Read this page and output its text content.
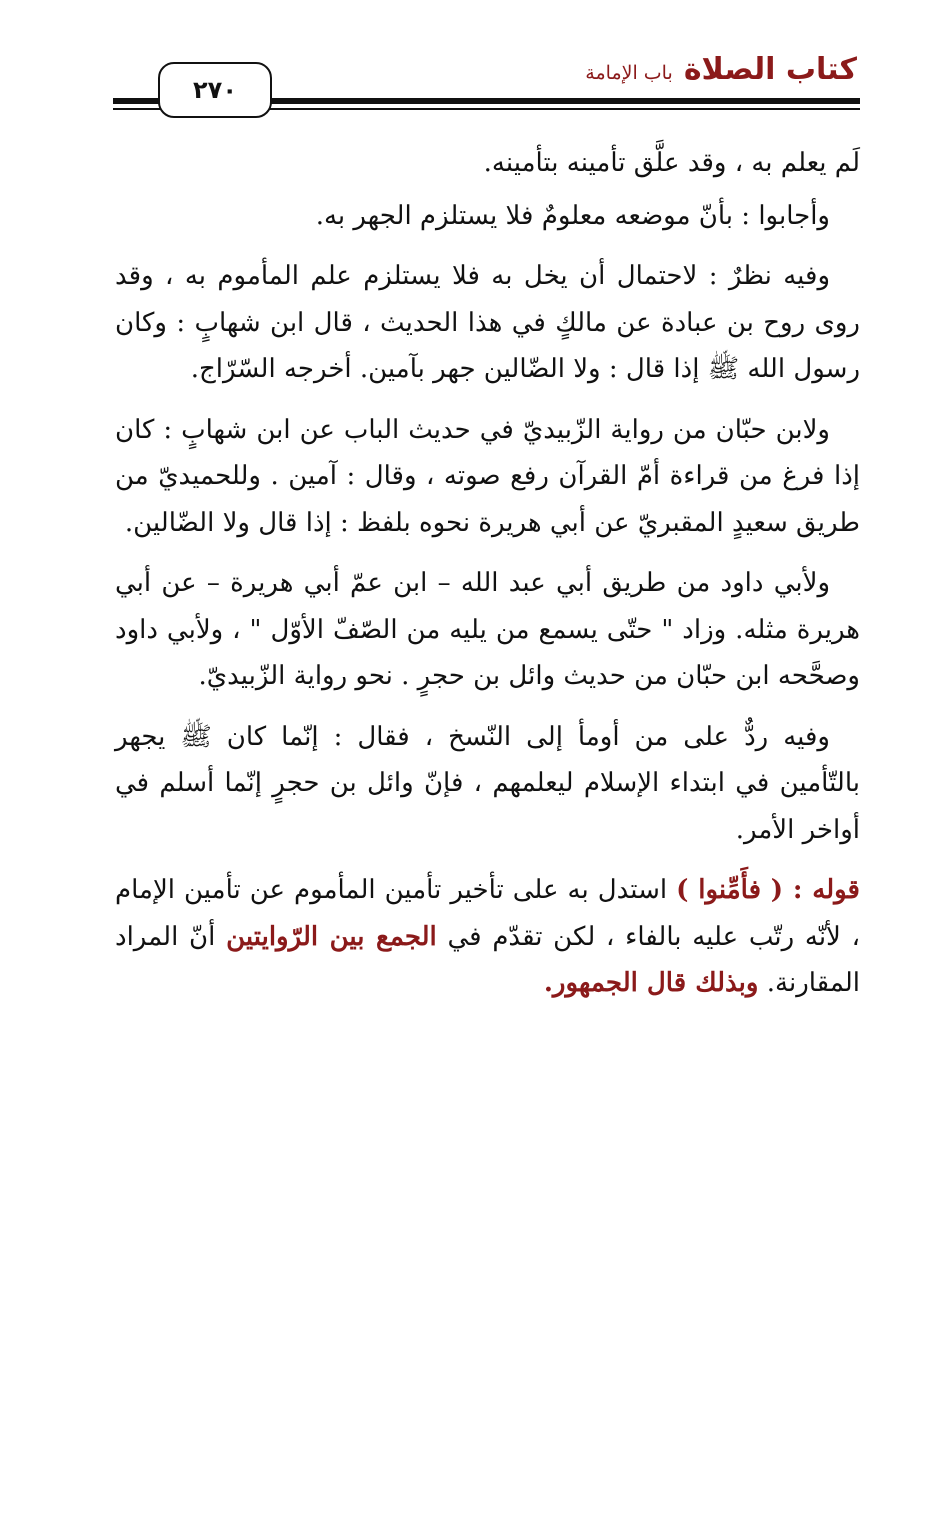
كتاب الصلاة باب الإمامة
٢٧٠

لَم يعلم به ، وقد علَّق تأمينه بتأمينه.

وأجابوا : بأنّ موضعه معلومٌ فلا يستلزم الجهر به.

وفيه نظرٌ : لاحتمال أن يخل به فلا يستلزم علم المأموم به ، وقد روى روح بن عبادة عن مالكٍ في هذا الحديث ، قال ابن شهابٍ : وكان رسول الله ﷺ إذا قال : ولا الضّالين جهر بآمين. أخرجه السّرّاج.

ولابن حبّان من رواية الزّبيديّ في حديث الباب عن ابن شهابٍ : كان إذا فرغ من قراءة أمّ القرآن رفع صوته ، وقال : آمين . وللحميديّ من طريق سعيدٍ المقبريّ عن أبي هريرة نحوه بلفظ : إذا قال ولا الضّالين.

ولأبي داود من طريق أبي عبد الله – ابن عمّ أبي هريرة – عن أبي هريرة مثله. وزاد " حتّى يسمع من يليه من الصّفّ الأوّل " ، ولأبي داود وصحَّحه ابن حبّان من حديث وائل بن حجرٍ . نحو رواية الزّبيديّ.

وفيه ردٌّ على من أومأ إلى النّسخ ، فقال : إنّما كان ﷺ يجهر بالتّأمين في ابتداء الإسلام ليعلمهم ، فإنّ وائل بن حجرٍ إنّما أسلم في أواخر الأمر.

قوله : ( فأَمِّنوا ) استدل به على تأخير تأمين المأموم عن تأمين الإمام ، لأنّه رتّب عليه بالفاء ، لكن تقدّم في الجمع بين الرّوايتين أنّ المراد المقارنة. وبذلك قال الجمهور.
